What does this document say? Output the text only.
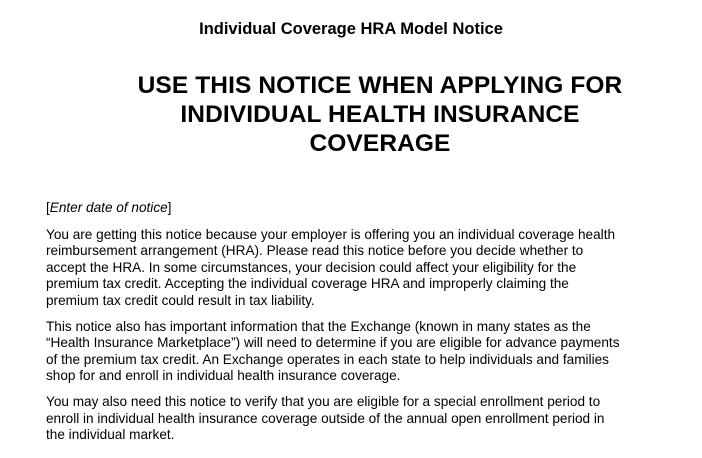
Individual Coverage HRA Model Notice
USE THIS NOTICE WHEN APPLYING FOR
INDIVIDUAL HEALTH INSURANCE
COVERAGE

[Enter date of notice]

You are getting this notice because your employer is offering you an individual coverage health
reimbursement arrangement (HRA). Please read this notice before you decide whether to
accept the HRA. In some circumstances, your decision could affect your eligibility for the
premium tax credit. Accepting the individual coverage HRA and improperly claiming the
premium tax credit could result in tax liability.

This notice also has important information that the Exchange (known in many states as the
“Health Insurance Marketplace”) will need to determine if you are eligible for advance payments
of the premium tax credit. An Exchange operates in each state to help individuals and families
shop for and enroll in individual health insurance coverage.

You may also need this notice to verify that you are eligible for a special enrollment period to
enroll in individual health insurance coverage outside of the annual open enrollment period in
the individual market.
